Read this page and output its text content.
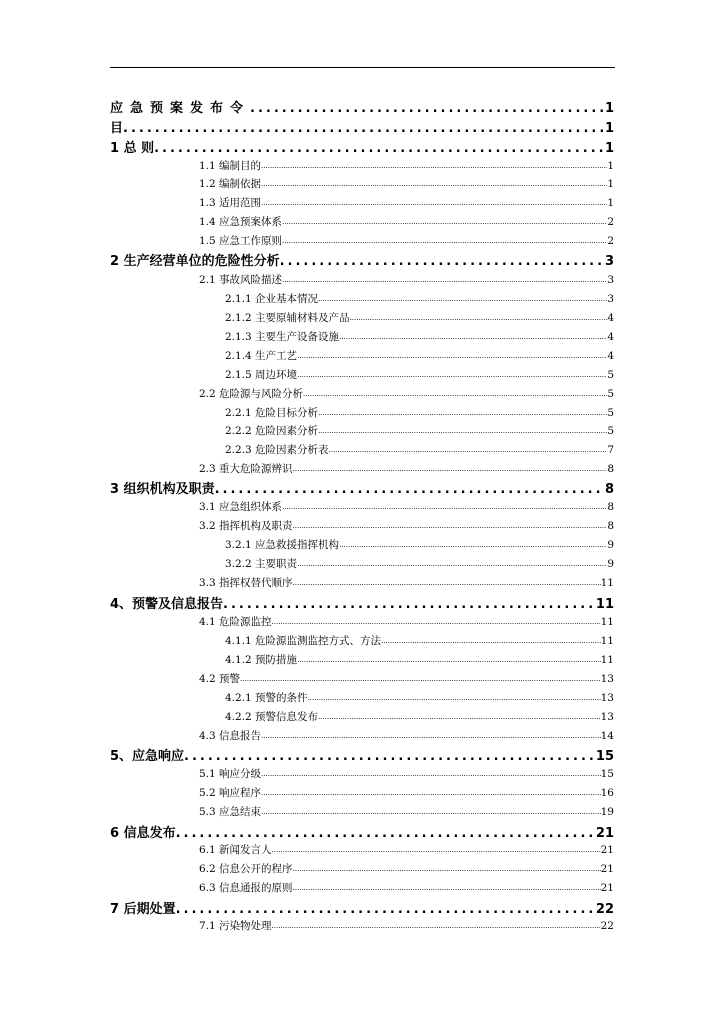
应急预案发布令 .....	1
目 .....	1
1 总 则 .....	1
1.1 编制目的 .....	1
1.2 编制依据 .....	1
1.3 适用范围 .....	1
1.4 应急预案体系 .....	2
1.5 应急工作原则 .....	2
2 生产经营单位的危险性分析 .....	3
2.1 事故风险描述 .....	3
2.1.1 企业基本情况 .....	3
2.1.2 主要原辅材料及产品 .....	4
2.1.3 主要生产设备设施 .....	4
2.1.4 生产工艺 .....	4
2.1.5 周边环境 .....	5
2.2 危险源与风险分析 .....	5
2.2.1 危险目标分析 .....	5
2.2.2 危险因素分析 .....	5
2.2.3 危险因素分析表 .....	7
2.3 重大危险源辨识 .....	8
3 组织机构及职责 .....	8
3.1 应急组织体系 .....	8
3.2 指挥机构及职责 .....	8
3.2.1 应急救援指挥机构 .....	9
3.2.2 主要职责 .....	9
3.3 指挥权替代顺序 .....	11
4、预警及信息报告 .....	11
4.1 危险源监控 .....	11
4.1.1 危险源监测监控方式、方法 .....	11
4.1.2 预防措施 .....	11
4.2 预警 .....	13
4.2.1 预警的条件 .....	13
4.2.2 预警信息发布 .....	13
4.3 信息报告 .....	14
5、应急响应 .....	15
5.1 响应分级 .....	15
5.2 响应程序 .....	16
5.3 应急结束 .....	19
6 信息发布 .....	21
6.1 新闻发言人 .....	21
6.2 信息公开的程序 .....	21
6.3 信息通报的原则 .....	21
7 后期处置 .....	22
7.1 污染物处理 .....	22
